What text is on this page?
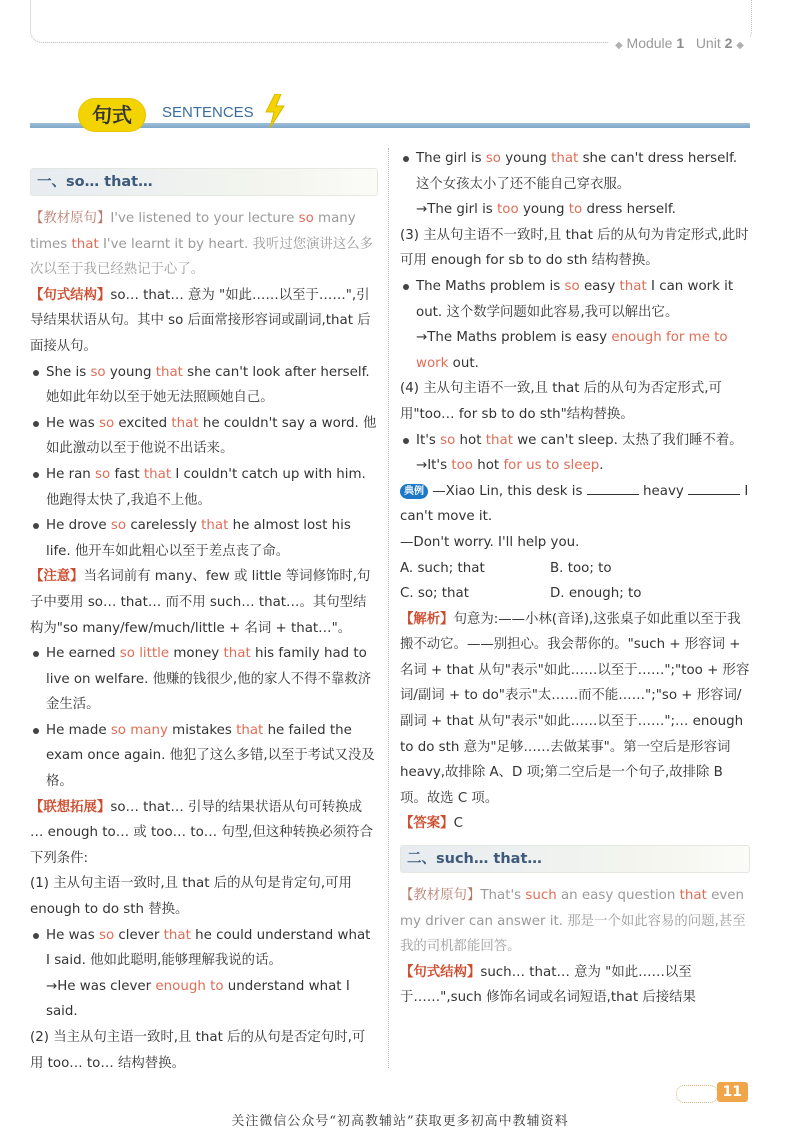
◆ Module 1 Unit 2 ◆
句式	SENTENCES
一、so… that…

【教材原句】I've listened to your lecture so many times that I've learnt it by heart. 我听过您演讲这么多次以至于我已经熟记于心了。

【句式结构】so… that… 意为 "如此……以至于……",引导结果状语从句。其中 so 后面常接形容词或副词,that 后面接从句。

She is so young that she can't look after herself. 她如此年幼以至于她无法照顾她自己。

He was so excited that he couldn't say a word. 他如此激动以至于他说不出话来。

He ran so fast that I couldn't catch up with him. 他跑得太快了,我追不上他。

He drove so carelessly that he almost lost his life. 他开车如此粗心以至于差点丧了命。

【注意】当名词前有 many、few 或 little 等词修饰时,句子中要用 so… that… 而不用 such… that…。其句型结构为"so many/few/much/little + 名词 + that…"。

He earned so little money that his family had to live on welfare. 他赚的钱很少,他的家人不得不靠救济金生活。

He made so many mistakes that he failed the exam once again. 他犯了这么多错,以至于考试又没及格。

【联想拓展】so… that… 引导的结果状语从句可转换成 … enough to… 或 too… to… 句型,但这种转换必须符合下列条件:

(1) 主从句主语一致时,且 that 后的从句是肯定句,可用 enough to do sth 替换。

He was so clever that he could understand what I said. 他如此聪明,能够理解我说的话。

→He was clever enough to understand what I said.

(2) 当主从句主语一致时,且 that 后的从句是否定句时,可用 too… to… 结构替换。

The girl is so young that she can't dress herself. 这个女孩太小了还不能自己穿衣服。

→The girl is too young to dress herself.

(3) 主从句主语不一致时,且 that 后的从句为肯定形式,此时可用 enough for sb to do sth 结构替换。

The Maths problem is so easy that I can work it out. 这个数学问题如此容易,我可以解出它。

→The Maths problem is easy enough for me to work out.

(4) 主从句主语不一致,且 that 后的从句为否定形式,可用"too… for sb to do sth"结构替换。

It's so hot that we can't sleep. 太热了我们睡不着。

→It's too hot for us to sleep.

典例 —Xiao Lin, this desk is	heavy	I can't move it.

—Don't worry. I'll help you.

A. such; that	B. too; to
C. so; that	D. enough; to

【解析】句意为:——小林(音译),这张桌子如此重以至于我搬不动它。——别担心。我会帮你的。"such + 形容词 + 名词 + that 从句"表示"如此……以至于……";"too + 形容词/副词 + to do"表示"太……而不能……";"so + 形容词/副词 + that 从句"表示"如此……以至于……";… enough to do sth 意为"足够……去做某事"。第一空后是形容词 heavy,故排除 A、D 项;第二空后是一个句子,故排除 B 项。故选 C 项。

【答案】C

二、such… that…

【教材原句】That's such an easy question that even my driver can answer it. 那是一个如此容易的问题,甚至我的司机都能回答。

【句式结构】such… that… 意为 "如此……以至于……",such 修饰名词或名词短语,that 后接结果

11
关注微信公众号“初高教辅站”获取更多初高中教辅资料
